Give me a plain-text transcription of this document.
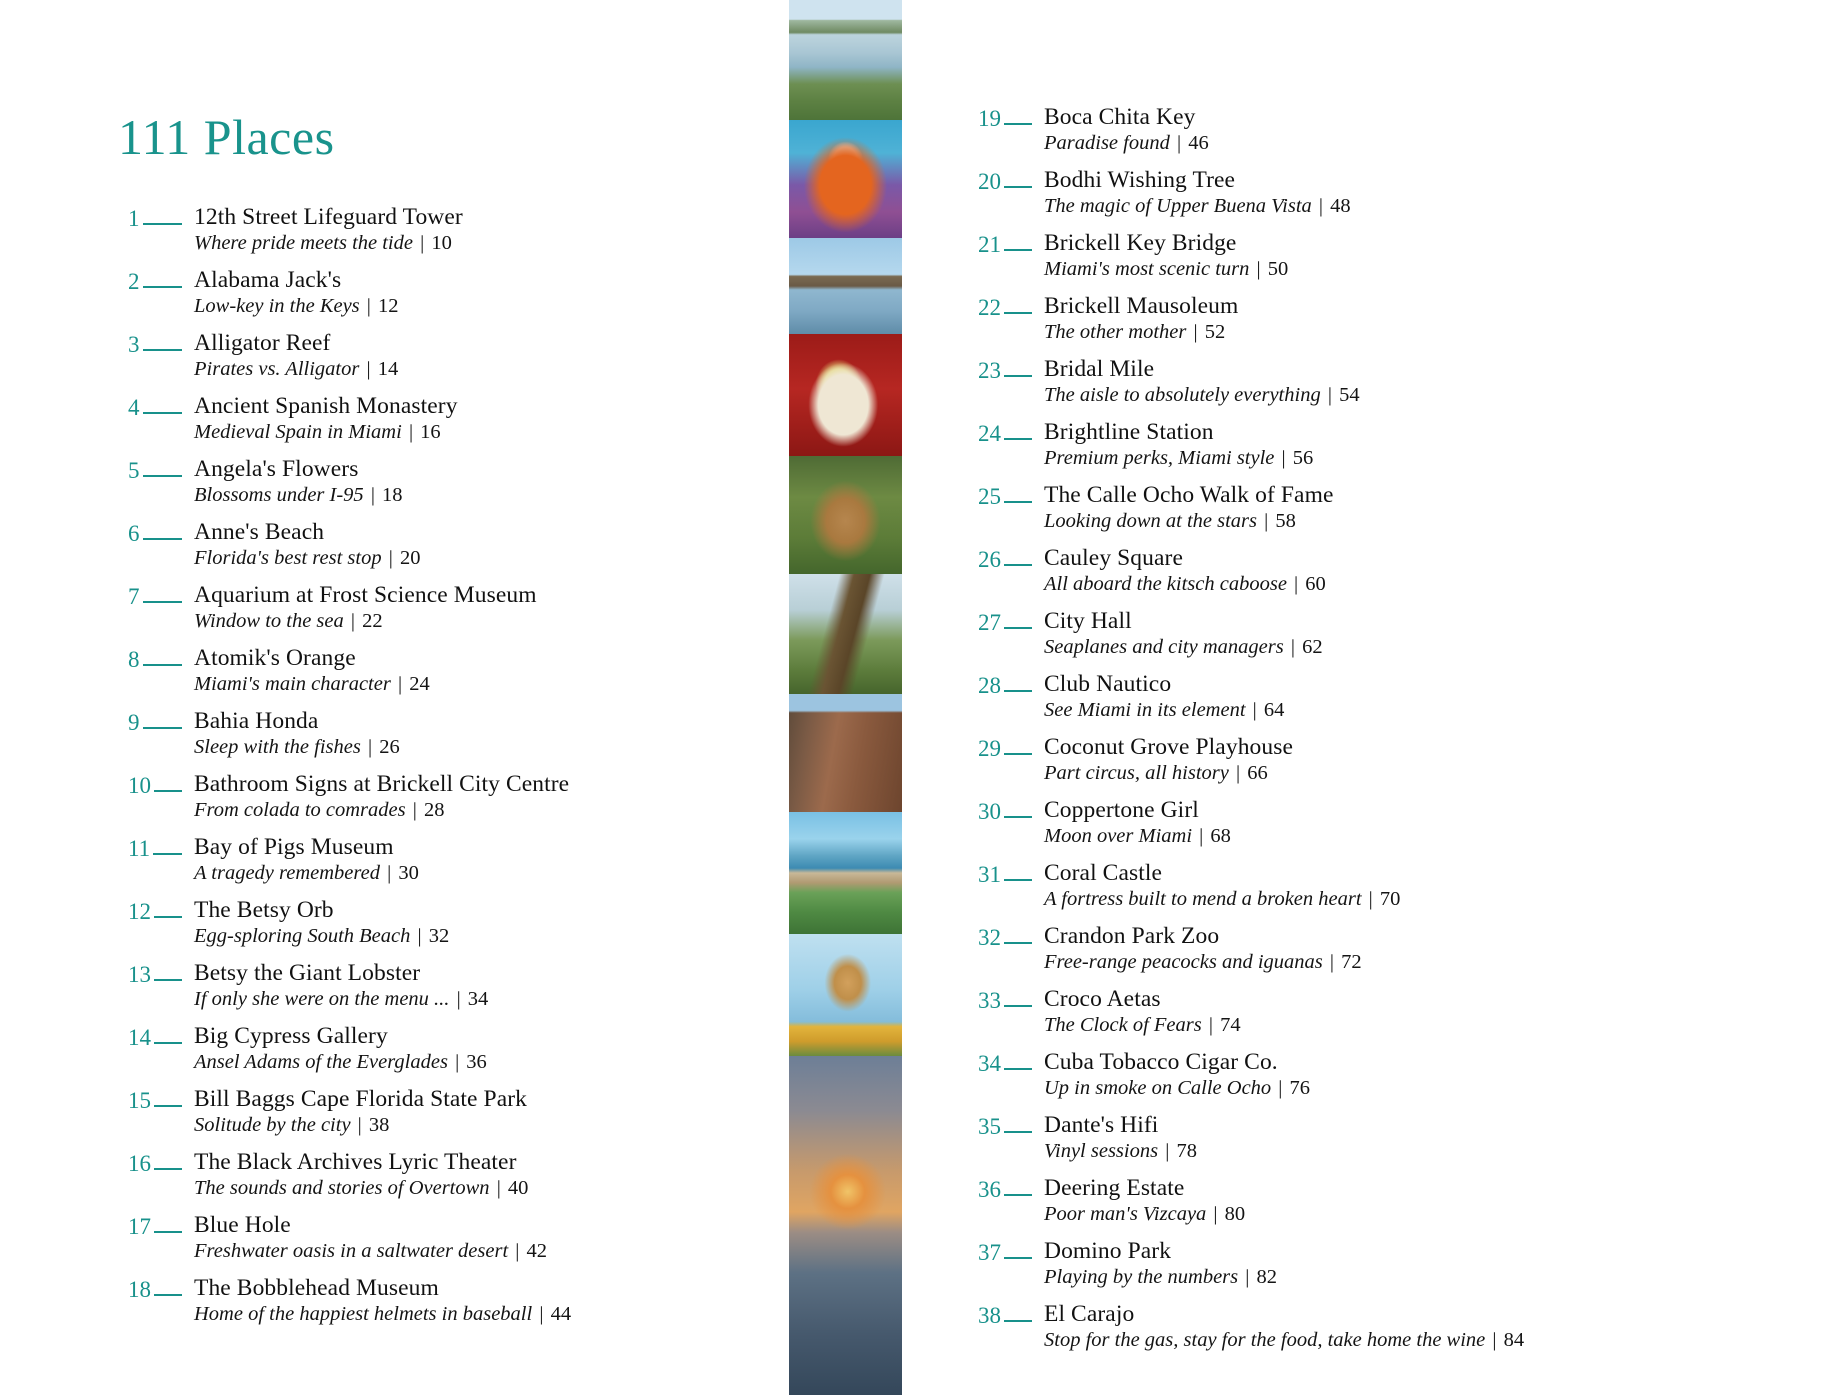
111 Places
1 12th Street Lifeguard Tower
Where pride meets the tide | 10
2 Alabama Jack's
Low-key in the Keys | 12
3 Alligator Reef
Pirates vs. Alligator | 14
4 Ancient Spanish Monastery
Medieval Spain in Miami | 16
5 Angela's Flowers
Blossoms under I-95 | 18
6 Anne's Beach
Florida's best rest stop | 20
7 Aquarium at Frost Science Museum
Window to the sea | 22
8 Atomik's Orange
Miami's main character | 24
9 Bahia Honda
Sleep with the fishes | 26
10 Bathroom Signs at Brickell City Centre
From colada to comrades | 28
11 Bay of Pigs Museum
A tragedy remembered | 30
12 The Betsy Orb
Egg-sploring South Beach | 32
13 Betsy the Giant Lobster
If only she were on the menu ... | 34
14 Big Cypress Gallery
Ansel Adams of the Everglades | 36
15 Bill Baggs Cape Florida State Park
Solitude by the city | 38
16 The Black Archives Lyric Theater
The sounds and stories of Overtown | 40
17 Blue Hole
Freshwater oasis in a saltwater desert | 42
18 The Bobblehead Museum
Home of the happiest helmets in baseball | 44
19 Boca Chita Key
Paradise found | 46
20 Bodhi Wishing Tree
The magic of Upper Buena Vista | 48
21 Brickell Key Bridge
Miami's most scenic turn | 50
22 Brickell Mausoleum
The other mother | 52
23 Bridal Mile
The aisle to absolutely everything | 54
24 Brightline Station
Premium perks, Miami style | 56
25 The Calle Ocho Walk of Fame
Looking down at the stars | 58
26 Cauley Square
All aboard the kitsch caboose | 60
27 City Hall
Seaplanes and city managers | 62
28 Club Nautico
See Miami in its element | 64
29 Coconut Grove Playhouse
Part circus, all history | 66
30 Coppertone Girl
Moon over Miami | 68
31 Coral Castle
A fortress built to mend a broken heart | 70
32 Crandon Park Zoo
Free-range peacocks and iguanas | 72
33 Croco Aetas
The Clock of Fears | 74
34 Cuba Tobacco Cigar Co.
Up in smoke on Calle Ocho | 76
35 Dante's Hifi
Vinyl sessions | 78
36 Deering Estate
Poor man's Vizcaya | 80
37 Domino Park
Playing by the numbers | 82
38 El Carajo
Stop for the gas, stay for the food, take home the wine | 84
